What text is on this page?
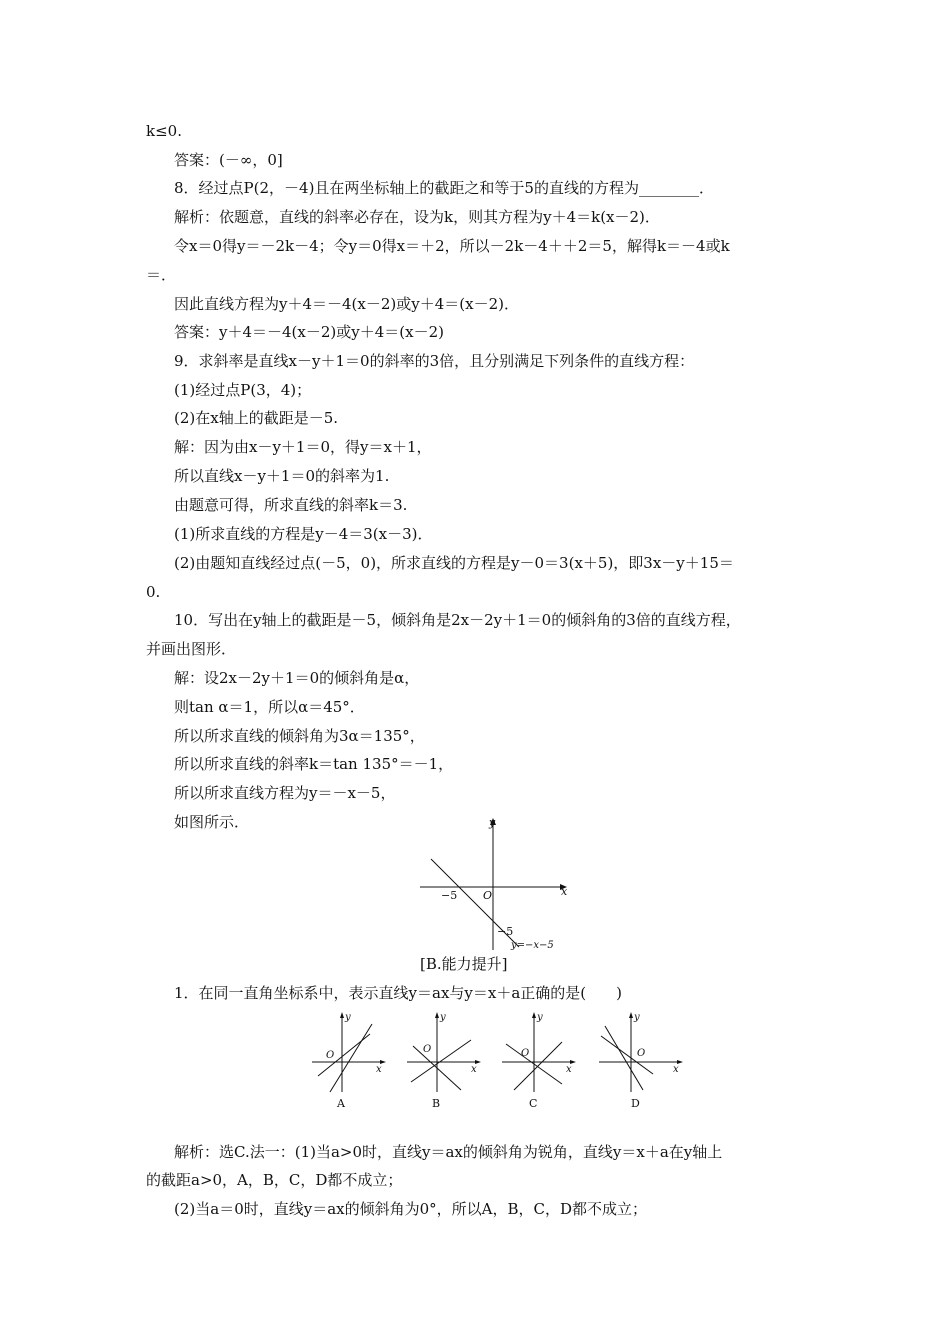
k≤0.
答案：(－∞，0]
8．经过点P(2，－4)且在两坐标轴上的截距之和等于5的直线的方程为________．
解析：依题意，直线的斜率必存在，设为k，则其方程为y＋4＝k(x－2)．
令x＝0得y＝－2k－4；令y＝0得x＝＋2，所以－2k－4＋＋2＝5，解得k＝－4或k
＝．
因此直线方程为y＋4＝－4(x－2)或y＋4＝(x－2)．
答案：y＋4＝－4(x－2)或y＋4＝(x－2)
9．求斜率是直线x－y＋1＝0的斜率的3倍，且分别满足下列条件的直线方程：
(1)经过点P(3，4)；
(2)在x轴上的截距是－5.
解：因为由x－y＋1＝0，得y＝x＋1，
所以直线x－y＋1＝0的斜率为1.
由题意可得，所求直线的斜率k＝3.
(1)所求直线的方程是y－4＝3(x－3)．
(2)由题知直线经过点(－5，0)，所求直线的方程是y－0＝3(x＋5)，即3x－y＋15＝
0.
10．写出在y轴上的截距是－5，倾斜角是2x－2y＋1＝0的倾斜角的3倍的直线方程，
并画出图形．
解：设2x－2y＋1＝0的倾斜角是α，
则tan α＝1，所以α＝45°．
所以所求直线的倾斜角为3α＝135°，
所以所求直线的斜率k＝tan 135°＝－1，
所以所求直线方程为y＝－x－5，
如图所示．
[B.能力提升]
1．在同一直角坐标系中，表示直线y＝ax与y＝x＋a正确的是(　　)
解析：选C.法一：(1)当a>0时，直线y＝ax的倾斜角为锐角，直线y＝x＋a在y轴上
的截距a>0，A，B，C，D都不成立；
(2)当a＝0时，直线y＝ax的倾斜角为0°，所以A，B，C，D都不成立；
y
x
O
−5
−5
y=−x−5
y
x
O
A
y
x
O
B
y
x
O
C
y
x
O
D
